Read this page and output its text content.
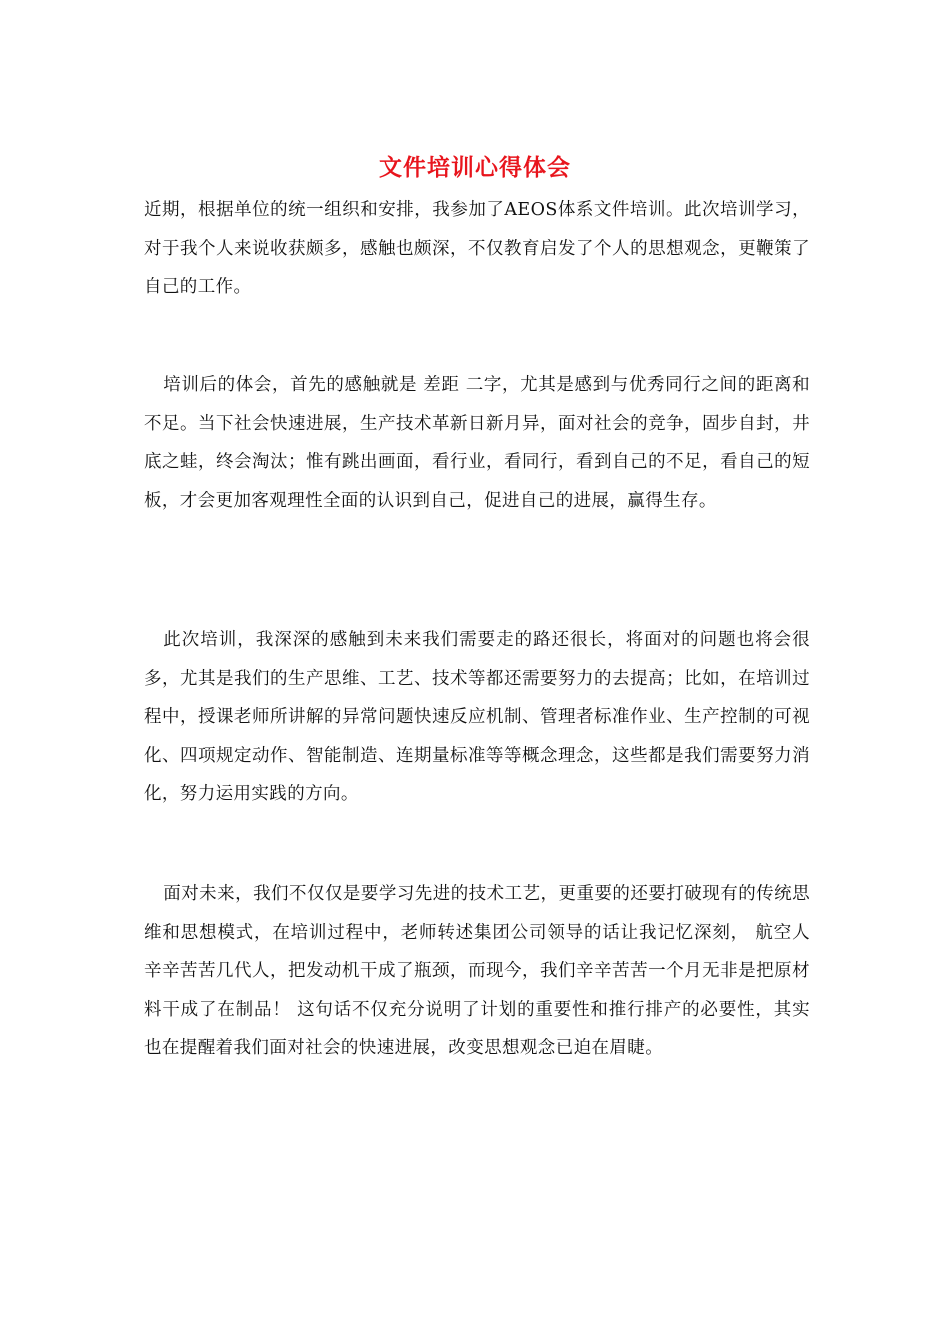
文件培训心得体会

近期，根据单位的统一组织和安排，我参加了AEOS体系文件培训。此次培训学习，对于我个人来说收获颇多，感触也颇深，不仅教育启发了个人的思想观念，更鞭策了自己的工作。

培训后的体会，首先的感触就是 差距 二字，尤其是感到与优秀同行之间的距离和不足。当下社会快速进展，生产技术革新日新月异，面对社会的竞争，固步自封，井底之蛙，终会淘汰；惟有跳出画面，看行业，看同行，看到自己的不足，看自己的短板，才会更加客观理性全面的认识到自己，促进自己的进展，赢得生存。

此次培训，我深深的感触到未来我们需要走的路还很长，将面对的问题也将会很多，尤其是我们的生产思维、工艺、技术等都还需要努力的去提高；比如，在培训过程中，授课老师所讲解的异常问题快速反应机制、管理者标准作业、生产控制的可视化、四项规定动作、智能制造、连期量标准等等概念理念，这些都是我们需要努力消化，努力运用实践的方向。

面对未来，我们不仅仅是要学习先进的技术工艺，更重要的还要打破现有的传统思维和思想模式，在培训过程中，老师转述集团公司领导的话让我记忆深刻， 航空人辛辛苦苦几代人，把发动机干成了瓶颈，而现今，我们辛辛苦苦一个月无非是把原材料干成了在制品！ 这句话不仅充分说明了计划的重要性和推行排产的必要性，其实也在提醒着我们面对社会的快速进展，改变思想观念已迫在眉睫。
